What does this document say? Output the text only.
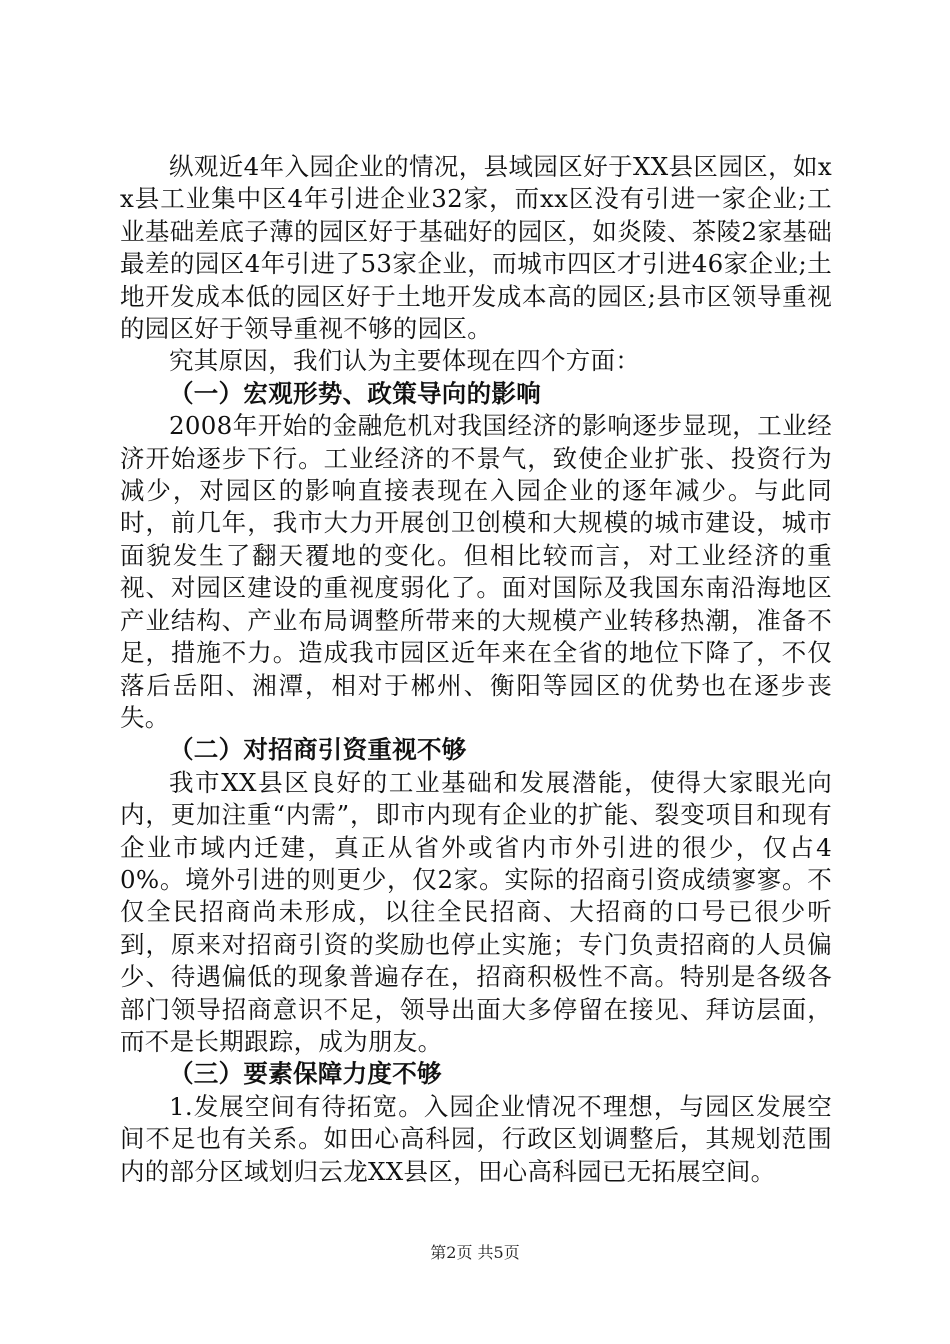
纵观近4年入园企业的情况，县域园区好于XX县区园区，如xx县工业集中区4年引进企业32家，而xx区没有引进一家企业;工业基础差底子薄的园区好于基础好的园区，如炎陵、茶陵2家基础最差的园区4年引进了53家企业，而城市四区才引进46家企业;土地开发成本低的园区好于土地开发成本高的园区;县市区领导重视的园区好于领导重视不够的园区。

究其原因，我们认为主要体现在四个方面：

（一）宏观形势、政策导向的影响

2008年开始的金融危机对我国经济的影响逐步显现，工业经济开始逐步下行。工业经济的不景气，致使企业扩张、投资行为减少，对园区的影响直接表现在入园企业的逐年减少。与此同时，前几年，我市大力开展创卫创模和大规模的城市建设，城市面貌发生了翻天覆地的变化。但相比较而言，对工业经济的重视、对园区建设的重视度弱化了。面对国际及我国东南沿海地区产业结构、产业布局调整所带来的大规模产业转移热潮，准备不足，措施不力。造成我市园区近年来在全省的地位下降了，不仅落后岳阳、湘潭，相对于郴州、衡阳等园区的优势也在逐步丧失。

（二）对招商引资重视不够

我市XX县区良好的工业基础和发展潜能，使得大家眼光向内，更加注重“内需”，即市内现有企业的扩能、裂变项目和现有企业市域内迁建，真正从省外或省内市外引进的很少，仅占40%。境外引进的则更少，仅2家。实际的招商引资成绩寥寥。不仅全民招商尚未形成，以往全民招商、大招商的口号已很少听到，原来对招商引资的奖励也停止实施；专门负责招商的人员偏少、待遇偏低的现象普遍存在，招商积极性不高。特别是各级各部门领导招商意识不足，领导出面大多停留在接见、拜访层面，而不是长期跟踪，成为朋友。

（三）要素保障力度不够

1.发展空间有待拓宽。入园企业情况不理想，与园区发展空间不足也有关系。如田心高科园，行政区划调整后，其规划范围内的部分区域划归云龙XX县区，田心高科园已无拓展空间。

第2页 共5页
